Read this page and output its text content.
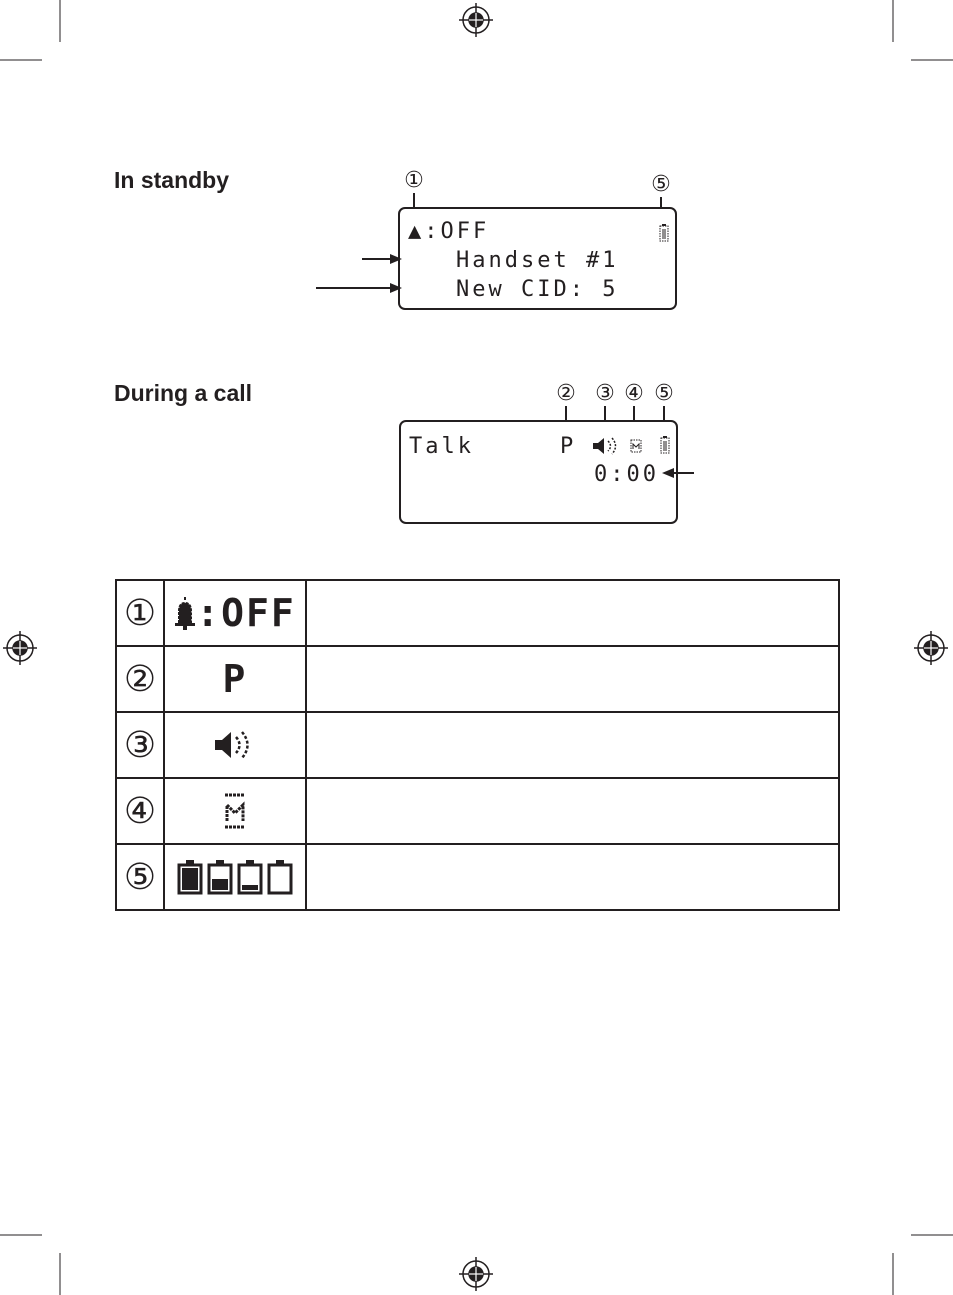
In standby	①	⑤
▲:OFF
Handset #1
New CID: 5
During a call	② ③ ④ ⑤
Talk	P
0:00
①	:OFF	
②	P	
③		
④		
⑤		
